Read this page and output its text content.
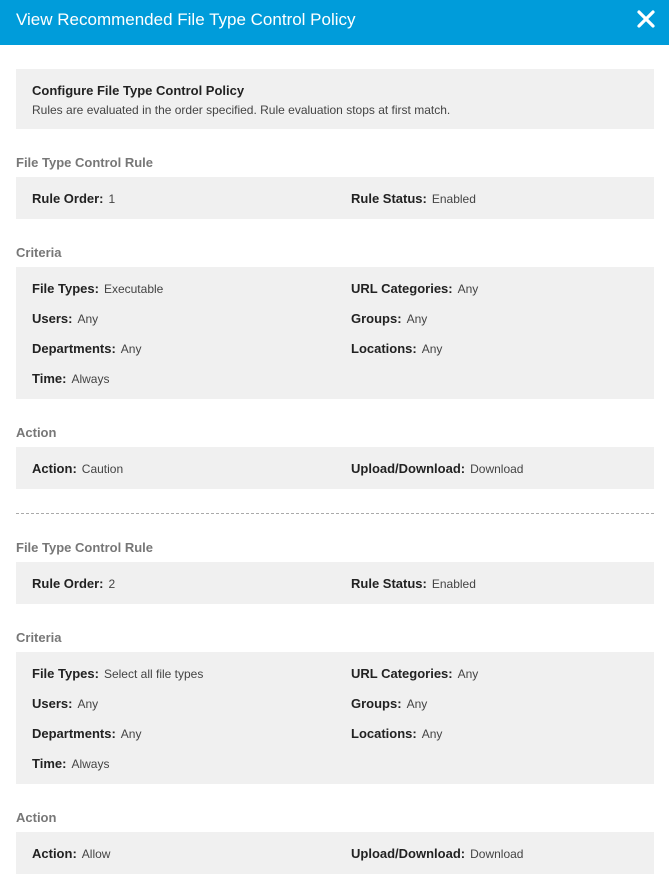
View Recommended File Type Control Policy
Configure File Type Control Policy
Rules are evaluated in the order specified. Rule evaluation stops at first match.
File Type Control Rule
Rule Order: 1	Rule Status: Enabled
Criteria
File Types: Executable	URL Categories: Any
Users: Any	Groups: Any
Departments: Any	Locations: Any
Time: Always
Action
Action: Caution	Upload/Download: Download
File Type Control Rule
Rule Order: 2	Rule Status: Enabled
Criteria
File Types: Select all file types	URL Categories: Any
Users: Any	Groups: Any
Departments: Any	Locations: Any
Time: Always
Action
Action: Allow	Upload/Download: Download
